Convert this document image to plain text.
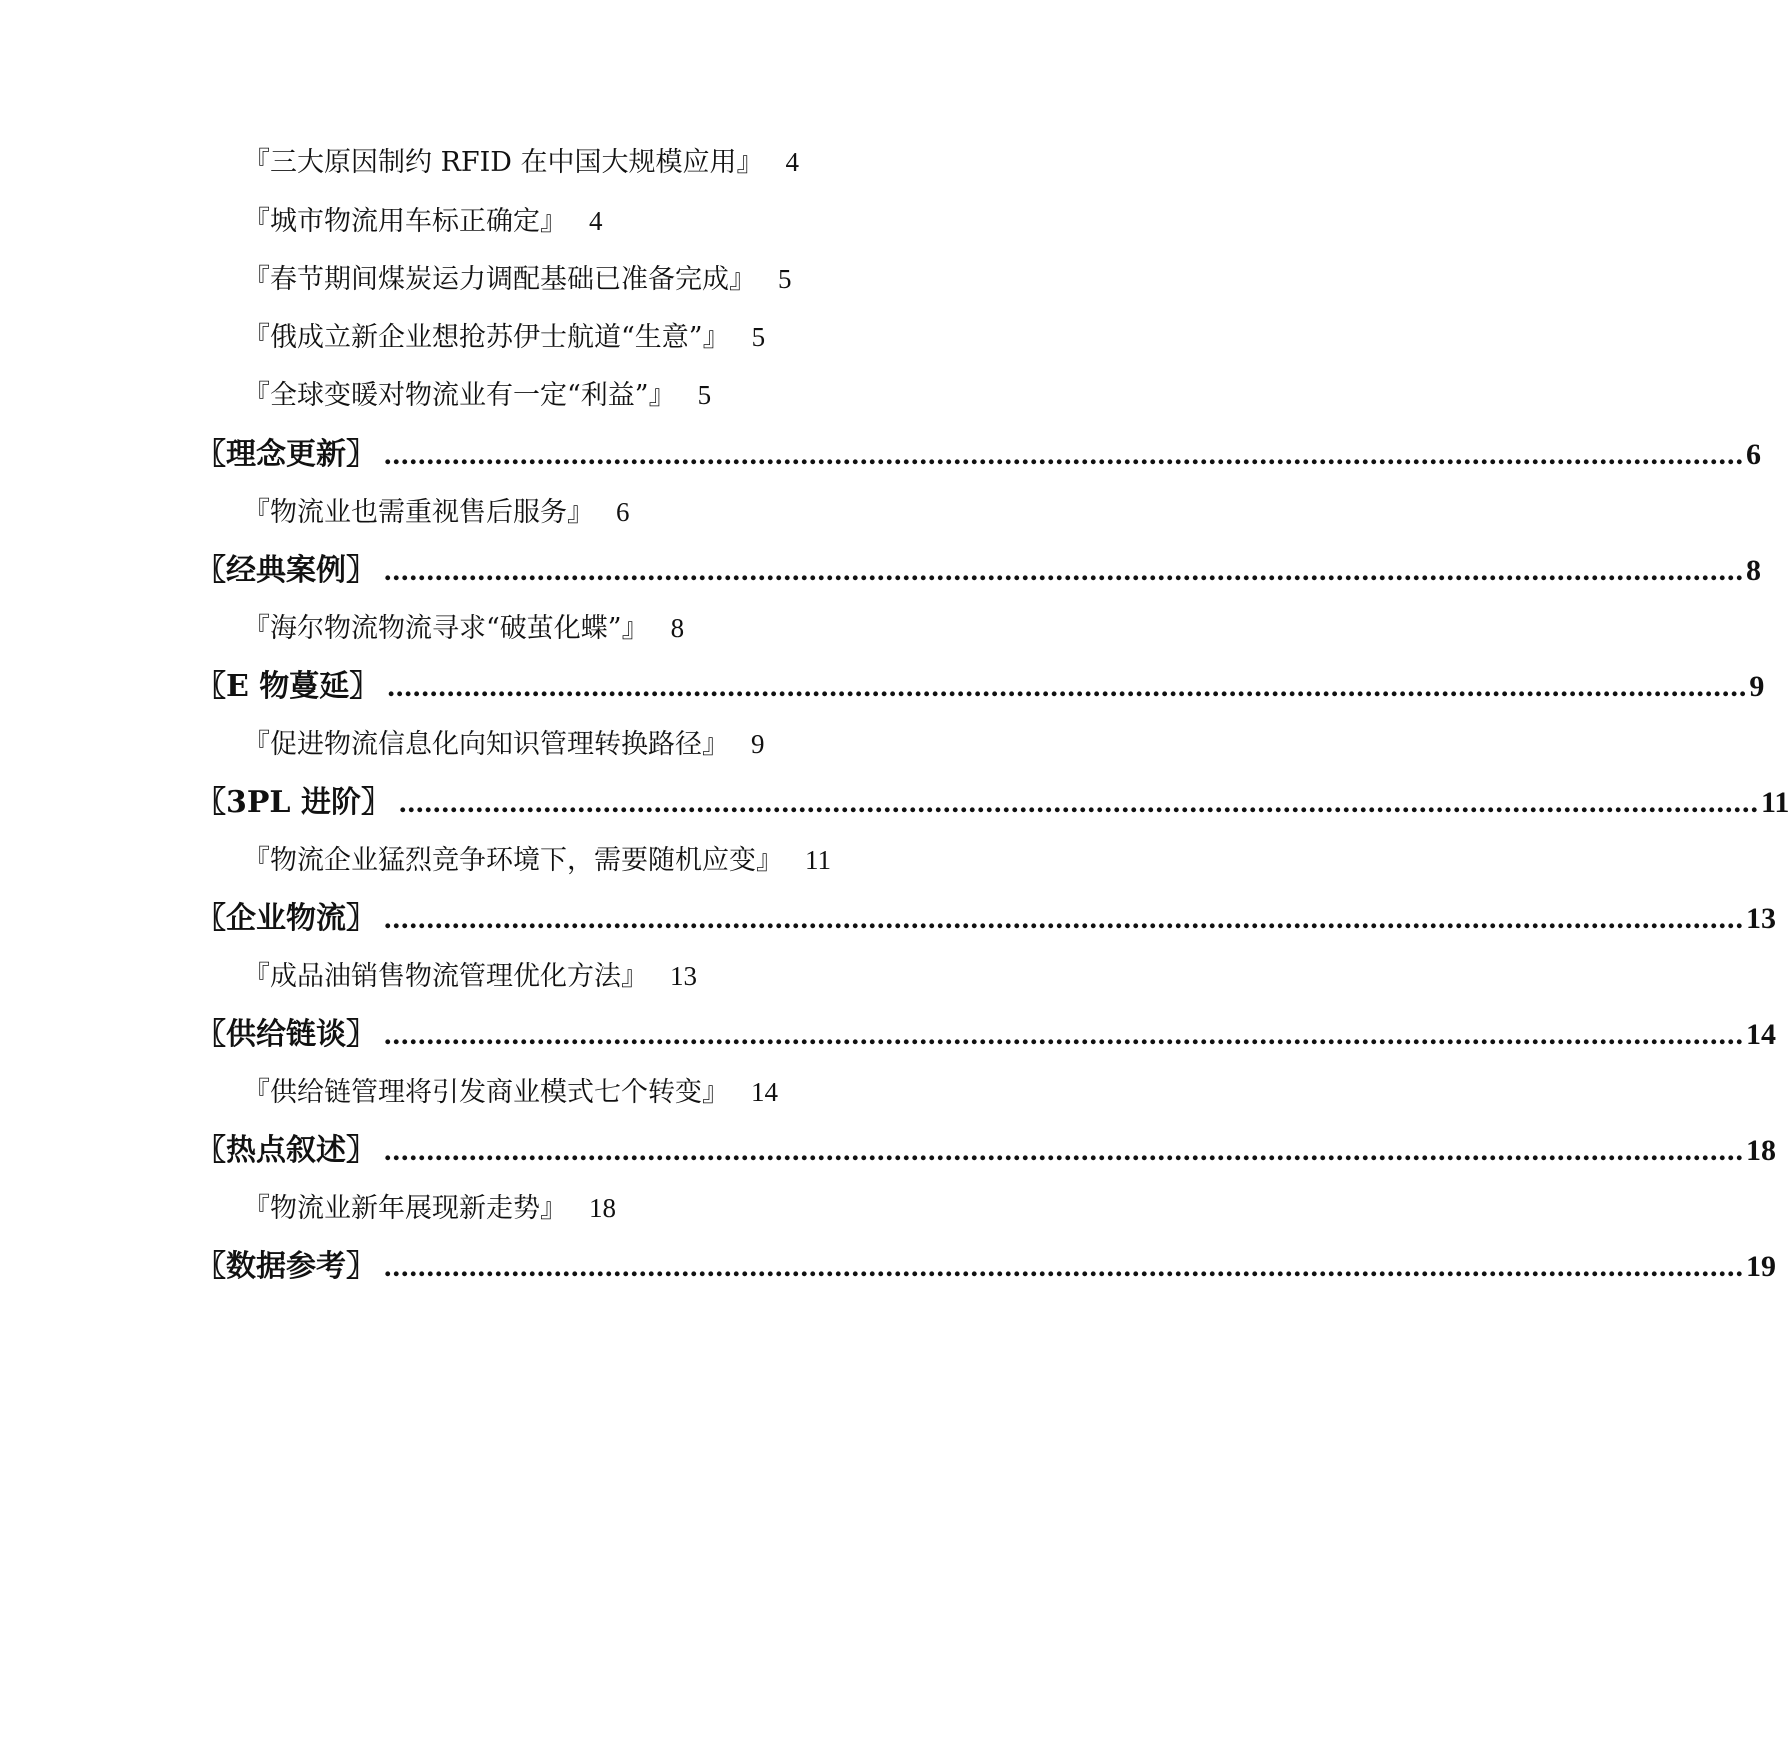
『三大原因制约 RFID 在中国大规模应用』 4
『城市物流用车标正确定』 4
『春节期间煤炭运力调配基础已准备完成』 5
『俄成立新企业想抢苏伊士航道“生意”』 5
『全球变暖对物流业有一定“利益”』 5
〖理念更新〗 ................................................................................................................................................................ 6
『物流业也需重视售后服务』 6
〖经典案例〗 ................................................................................................................................................................ 8
『海尔物流物流寻求“破茧化蝶”』 8
〖E 物蔓延〗 ................................................................................................................................................................ 9
『促进物流信息化向知识管理转换路径』 9
〖3PL 进阶〗 ................................................................................................................................................................ 11
『物流企业猛烈竞争环境下，需要随机应变』 11
〖企业物流〗 ................................................................................................................................................................ 13
『成品油销售物流管理优化方法』 13
〖供给链谈〗 ................................................................................................................................................................ 14
『供给链管理将引发商业模式七个转变』 14
〖热点叙述〗 ................................................................................................................................................................ 18
『物流业新年展现新走势』 18
〖数据参考〗 ................................................................................................................................................................ 19
